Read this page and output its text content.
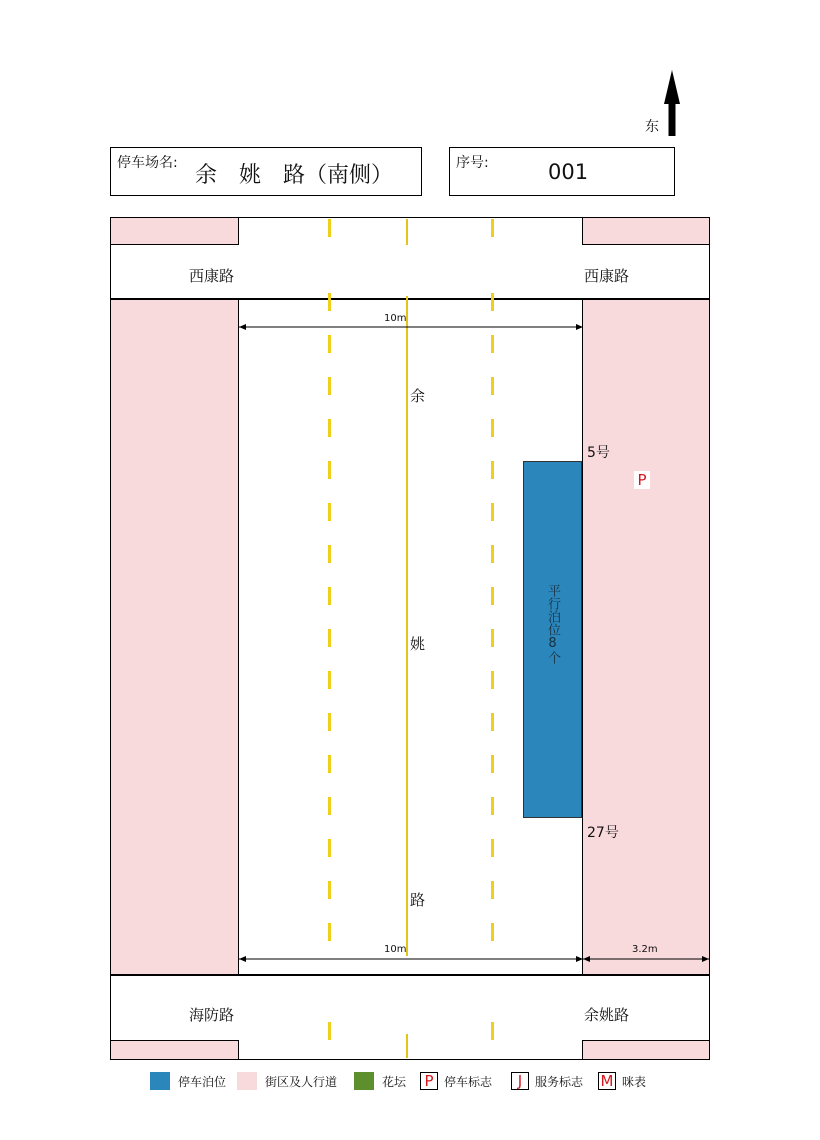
东
停车场名: 余　姚　路（南侧）	序号:	001
西康路	西康路
海防路	余姚路
余
姚
路
10m
10m	3.2m
平行泊位8个
5号
27号
P
停车泊位	街区及人行道	花坛 P 停车标志	J	服务标志 M 咪表
